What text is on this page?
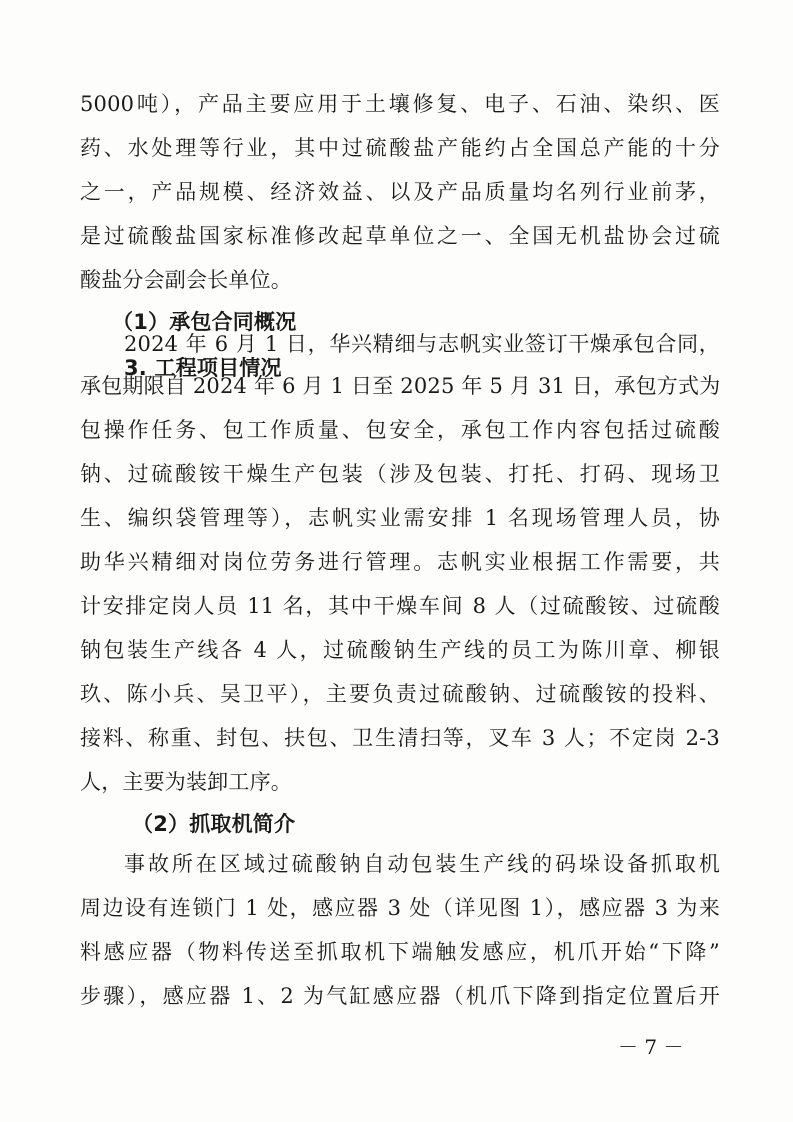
5000吨），产品主要应用于土壤修复、电子、石油、染织、医
药、水处理等行业，其中过硫酸盐产能约占全国总产能的十分
之一，产品规模、经济效益、以及产品质量均名列行业前茅，
是过硫酸盐国家标准修改起草单位之一、全国无机盐协会过硫
酸盐分会副会长单位。
3. 工程项目情况
（1）承包合同概况
2024 年 6 月 1 日，华兴精细与志帆实业签订干燥承包合同，
承包期限自 2024 年 6 月 1 日至 2025 年 5 月 31 日，承包方式为
包操作任务、包工作质量、包安全，承包工作内容包括过硫酸
钠、过硫酸铵干燥生产包装（涉及包装、打托、打码、现场卫
生、编织袋管理等），志帆实业需安排 1 名现场管理人员，协
助华兴精细对岗位劳务进行管理。志帆实业根据工作需要，共
计安排定岗人员 11 名，其中干燥车间 8 人（过硫酸铵、过硫酸
钠包装生产线各 4 人，过硫酸钠生产线的员工为陈川章、柳银
玖、陈小兵、吴卫平），主要负责过硫酸钠、过硫酸铵的投料、
接料、称重、封包、扶包、卫生清扫等，叉车 3 人；不定岗 2-3
人，主要为装卸工序。
（2）抓取机简介
事故所在区域过硫酸钠自动包装生产线的码垛设备抓取机
周边设有连锁门 1 处，感应器 3 处（详见图 1），感应器 3 为来
料感应器（物料传送至抓取机下端触发感应，机爪开始“下降”
步骤），感应器 1、2 为气缸感应器（机爪下降到指定位置后开
－ 7 －
